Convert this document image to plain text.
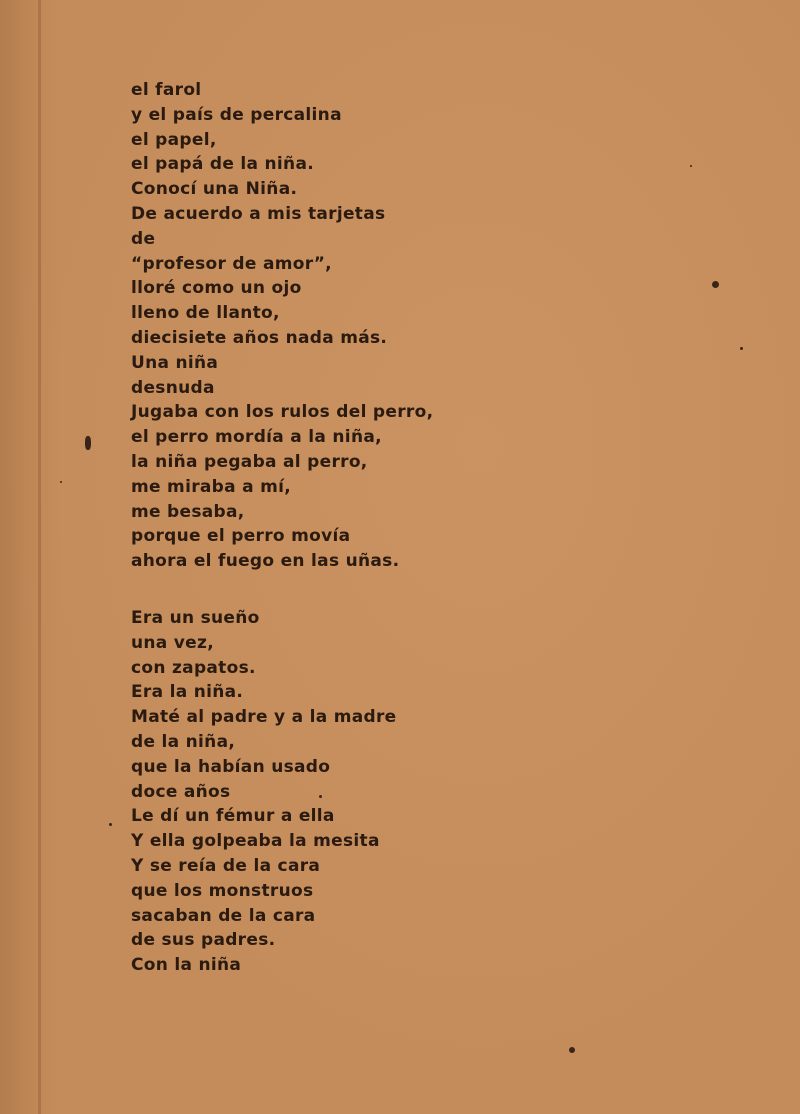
el farol
y el país de percalina
el papel,
el papá de la niña.
Conocí una Niña.
De acuerdo a mis tarjetas
de
“profesor de amor”,
lloré como un ojo
lleno de llanto,
diecisiete años nada más.
Una niña
desnuda
Jugaba con los rulos del perro,
el perro mordía a la niña,
la niña pegaba al perro,
me miraba a mí,
me besaba,
porque el perro movía
ahora el fuego en las uñas.
Era un sueño
una vez,
con zapatos.
Era la niña.
Maté al padre y a la madre
de la niña,
que la habían usado
doce años
Le dí un fémur a ella
Y ella golpeaba la mesita
Y se reía de la cara
que los monstruos
sacaban de la cara
de sus padres.
Con la niña
